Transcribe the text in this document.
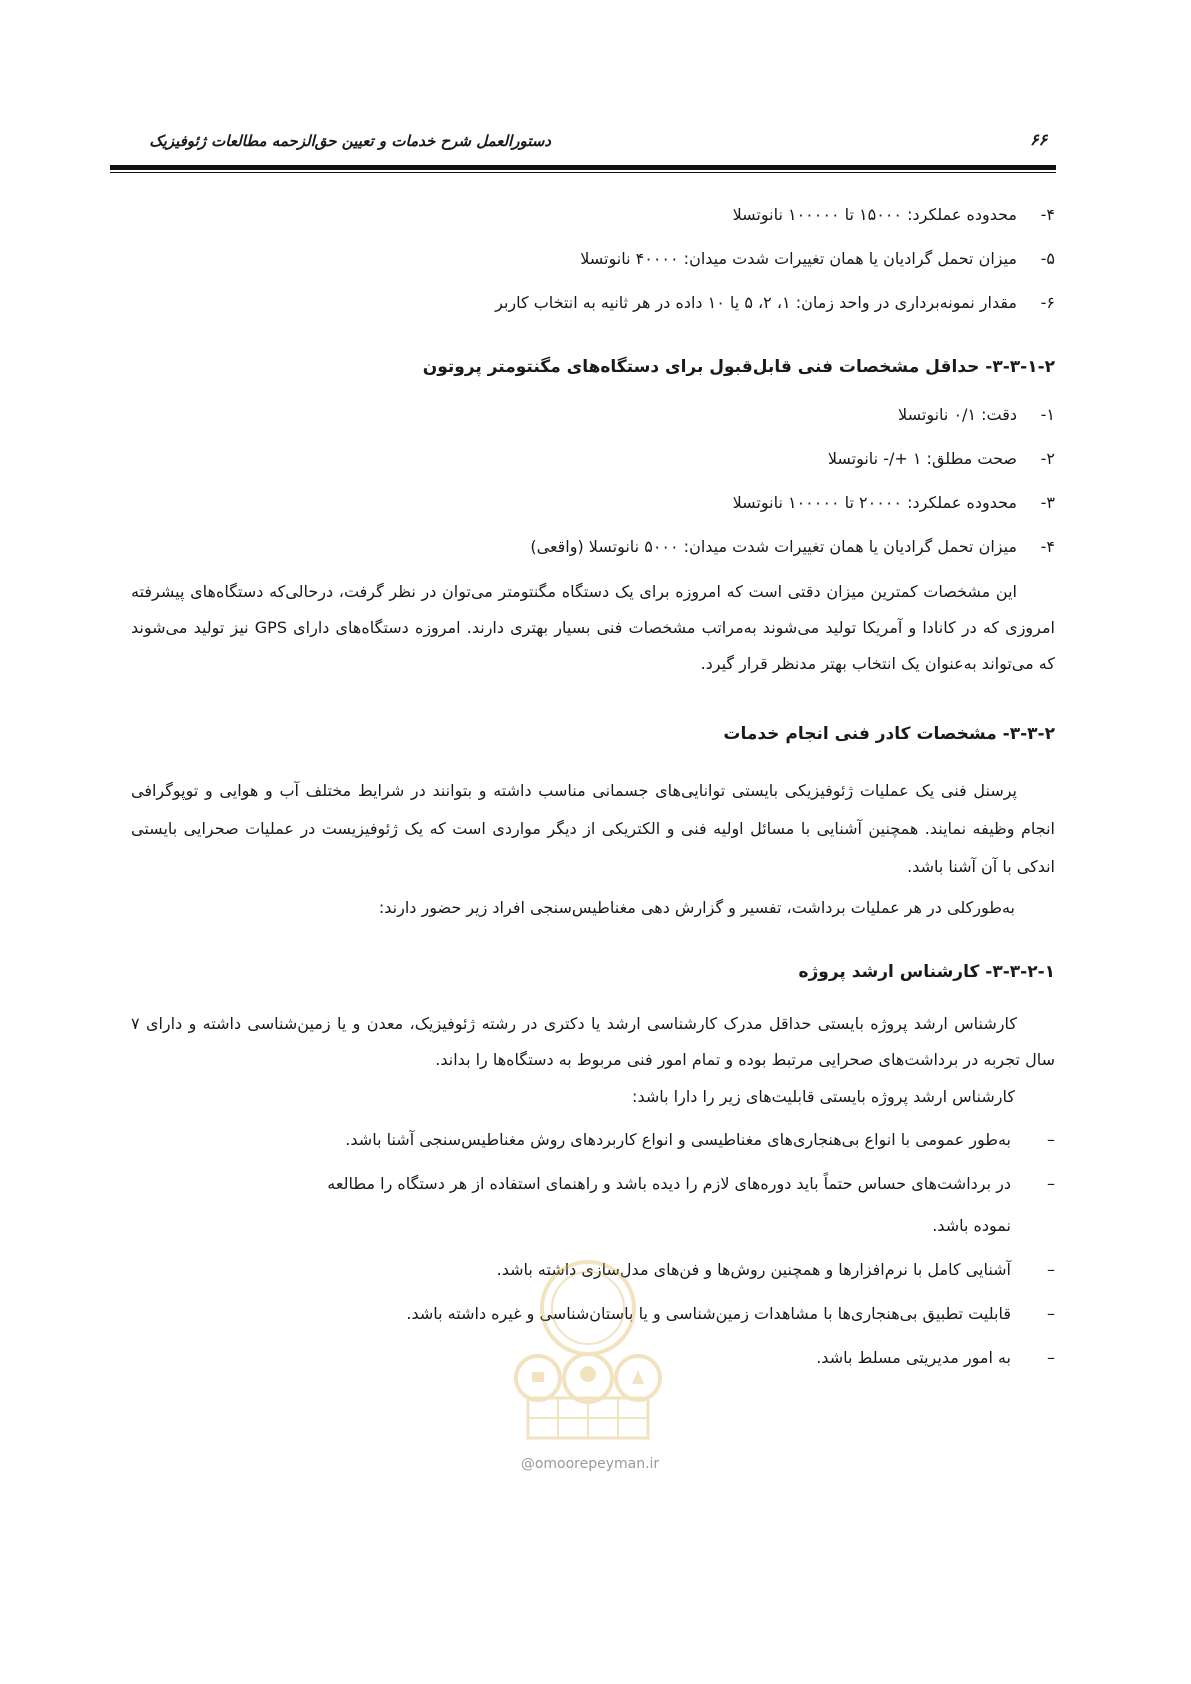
دستورالعمل شرح خدمات و تعیین حق‌الزحمه مطالعات ژئوفیزیک	۶۶
۴-محدوده عملکرد: ۱۵۰۰۰ تا ۱۰۰۰۰۰ نانوتسلا
۵-میزان تحمل گرادیان یا همان تغییرات شدت میدان: ۴۰۰۰۰ نانوتسلا
۶-مقدار نمونه‌برداری در واحد زمان: ۱، ۲، ۵ یا ۱۰ داده در هر ثانیه به انتخاب کاربر
۳-۳-۱-۲- حداقل مشخصات فنی قابل‌قبول برای دستگاه‌های مگنتومتر پروتون
۱-دقت: ۰/۱ نانوتسلا
۲-صحت مطلق: ۱ +/- نانوتسلا
۳-محدوده عملکرد: ۲۰۰۰۰ تا ۱۰۰۰۰۰ نانوتسلا
۴-میزان تحمل گرادیان یا همان تغییرات شدت میدان: ۵۰۰۰ نانوتسلا (واقعی)
این مشخصات کمترین میزان دقتی است که امروزه برای یک دستگاه مگنتومتر می‌توان در نظر گرفت، درحالی‌که دستگاه‌های پیشرفته امروزی که در کانادا و آمریکا تولید می‌شوند به‌مراتب مشخصات فنی بسیار بهتری دارند. امروزه دستگاه‌های دارای GPS نیز تولید می‌شوند که می‌تواند به‌عنوان یک انتخاب بهتر مدنظر قرار گیرد.
۳-۳-۲- مشخصات کادر فنی انجام خدمات
پرسنل فنی یک عملیات ژئوفیزیکی بایستی توانایی‌های جسمانی مناسب داشته و بتوانند در شرایط مختلف آب و هوایی و توپوگرافی انجام وظیفه نمایند. همچنین آشنایی با مسائل اولیه فنی و الکتریکی از دیگر مواردی است که یک ژئوفیزیست در عملیات صحرایی بایستی اندکی با آن آشنا باشد.
به‌طورکلی در هر عملیات برداشت، تفسیر و گزارش دهی مغناطیس‌سنجی افراد زیر حضور دارند:
۳-۳-۲-۱- کارشناس ارشد پروژه
کارشناس ارشد پروژه بایستی حداقل مدرک کارشناسی ارشد یا دکتری در رشته ژئوفیزیک، معدن و یا زمین‌شناسی داشته و دارای ۷ سال تجربه در برداشت‌های صحرایی مرتبط بوده و تمام امور فنی مربوط به دستگاه‌ها را بداند.
کارشناس ارشد پروژه بایستی قابلیت‌های زیر را دارا باشد:
–به‌طور عمومی با انواع بی‌هنجاری‌های مغناطیسی و انواع کاربردهای روش مغناطیس‌سنجی آشنا باشد.
–در برداشت‌های حساس حتماً باید دوره‌های لازم را دیده باشد و راهنمای استفاده از هر دستگاه را مطالعه
نموده باشد.
–آشنایی کامل با نرم‌افزارها و همچنین روش‌ها و فن‌های مدل‌سازی داشته باشد.
–قابلیت تطبیق بی‌هنجاری‌ها با مشاهدات زمین‌شناسی و یا باستان‌شناسی و غیره داشته باشد.
–به امور مدیریتی مسلط باشد.
@omoorepeyman.ir
